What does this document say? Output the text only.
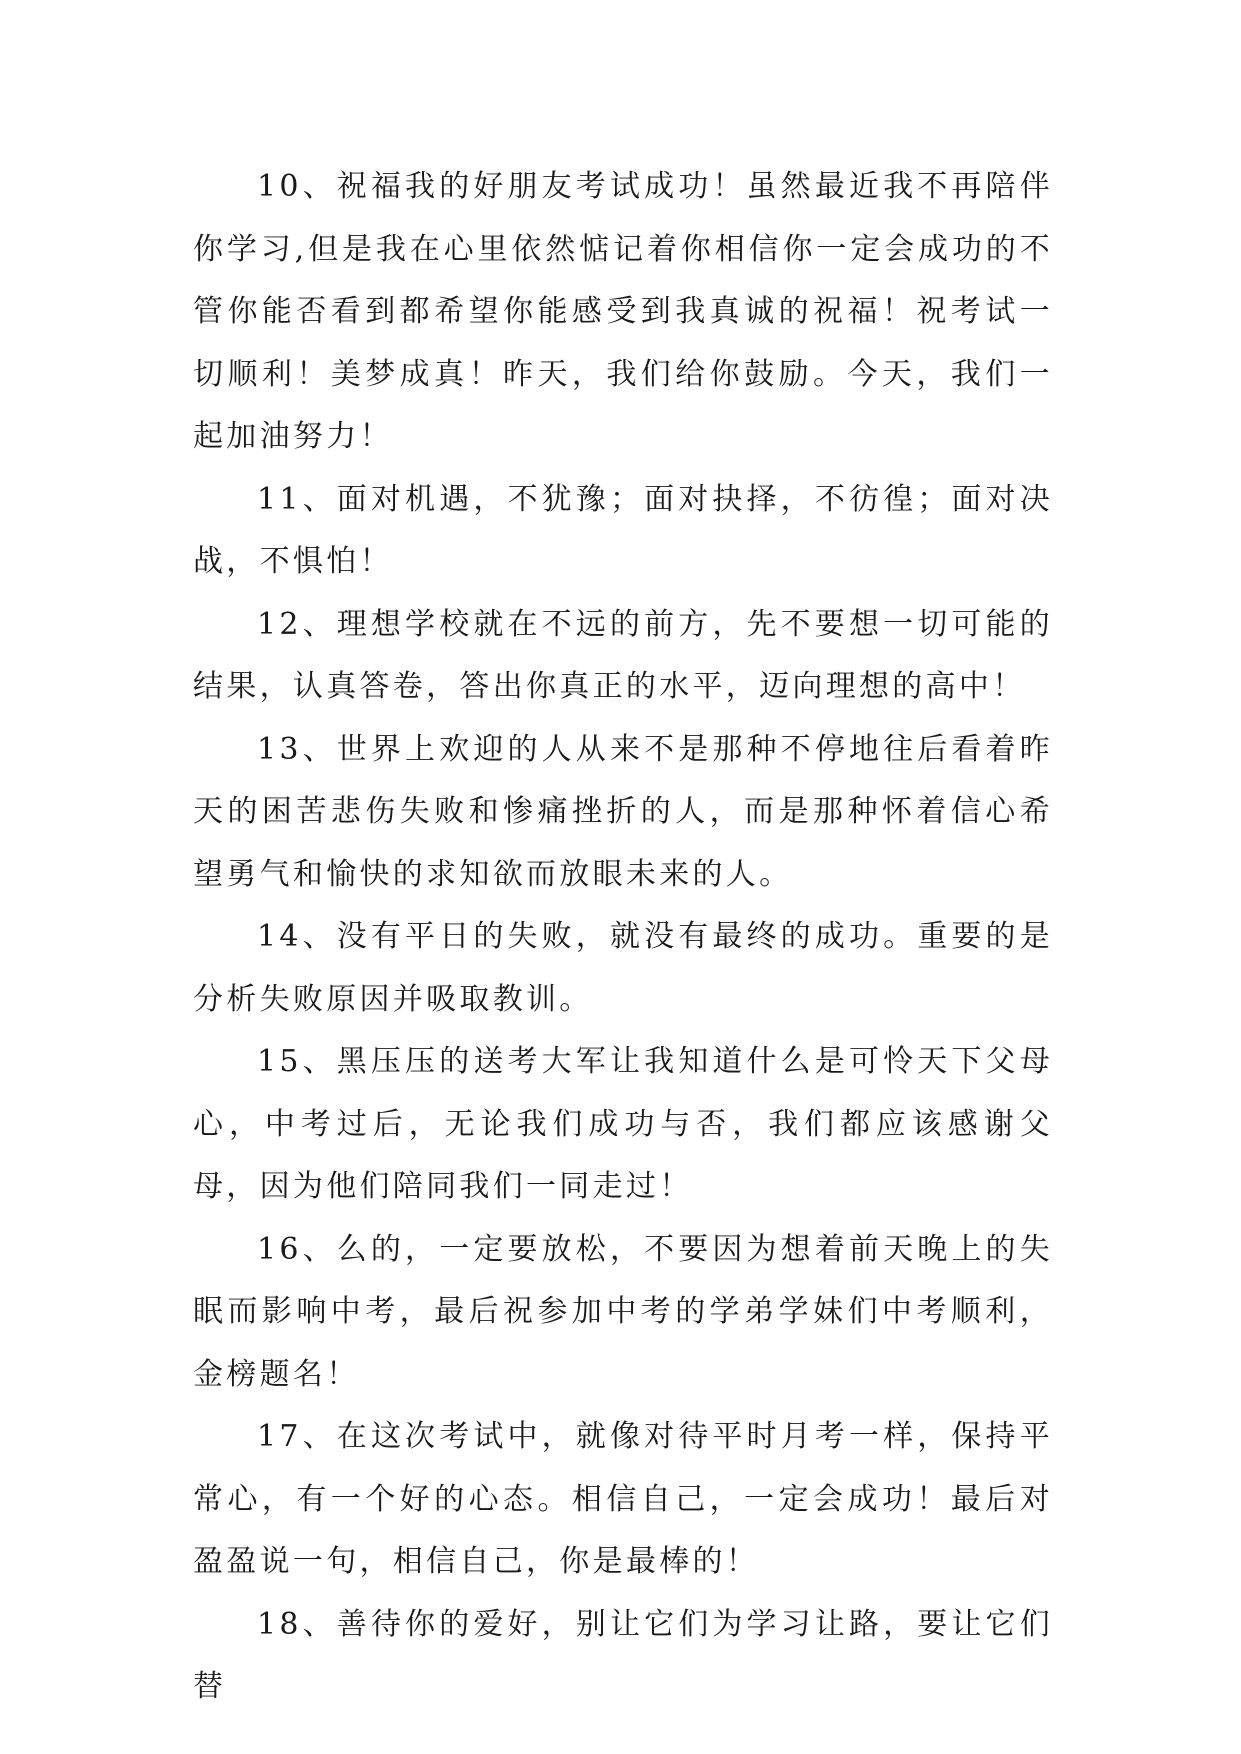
10、祝福我的好朋友考试成功！虽然最近我不再陪伴你学习,但是我在心里依然惦记着你相信你一定会成功的不管你能否看到都希望你能感受到我真诚的祝福！祝考试一切顺利！美梦成真！昨天，我们给你鼓励。今天，我们一起加油努力！

11、面对机遇，不犹豫；面对抉择，不彷徨；面对决战，不惧怕！

12、理想学校就在不远的前方，先不要想一切可能的结果，认真答卷，答出你真正的水平，迈向理想的高中！

13、世界上欢迎的人从来不是那种不停地往后看着昨天的困苦悲伤失败和惨痛挫折的人，而是那种怀着信心希望勇气和愉快的求知欲而放眼未来的人。

14、没有平日的失败，就没有最终的成功。重要的是分析失败原因并吸取教训。

15、黑压压的送考大军让我知道什么是可怜天下父母心，中考过后，无论我们成功与否，我们都应该感谢父母，因为他们陪同我们一同走过！

16、么的，一定要放松，不要因为想着前天晚上的失眠而影响中考，最后祝参加中考的学弟学妹们中考顺利，金榜题名！

17、在这次考试中，就像对待平时月考一样，保持平常心，有一个好的心态。相信自己，一定会成功！最后对盈盈说一句，相信自己，你是最棒的！

18、善待你的爱好，别让它们为学习让路，要让它们替
